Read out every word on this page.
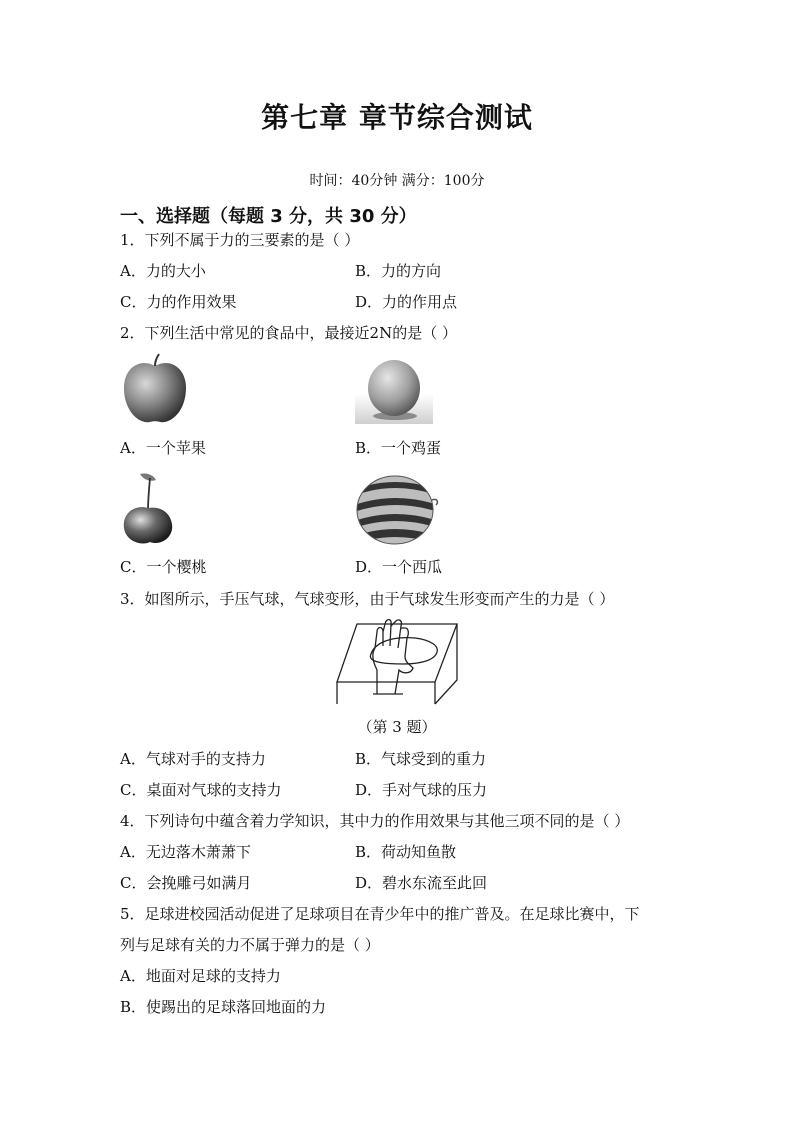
第七章 章节综合测试
时间：40分钟 满分：100分
一、选择题（每题 3 分，共 30 分）
1．下列不属于力的三要素的是（ ）
A．力的大小	B．力的方向
C．力的作用效果	D．力的作用点
2．下列生活中常见的食品中，最接近2N的是（ ）
A．一个苹果	B．一个鸡蛋
C．一个樱桃	D．一个西瓜
3．如图所示，手压气球，气球变形，由于气球发生形变而产生的力是（ ）
（第 3 题）
A．气球对手的支持力	B．气球受到的重力
C．桌面对气球的支持力	D．手对气球的压力
4．下列诗句中蕴含着力学知识，其中力的作用效果与其他三项不同的是（ ）
A．无边落木萧萧下	B．荷动知鱼散
C．会挽雕弓如满月	D．碧水东流至此回
5．足球进校园活动促进了足球项目在青少年中的推广普及。在足球比赛中，下
列与足球有关的力不属于弹力的是（ ）
A．地面对足球的支持力
B．使踢出的足球落回地面的力
